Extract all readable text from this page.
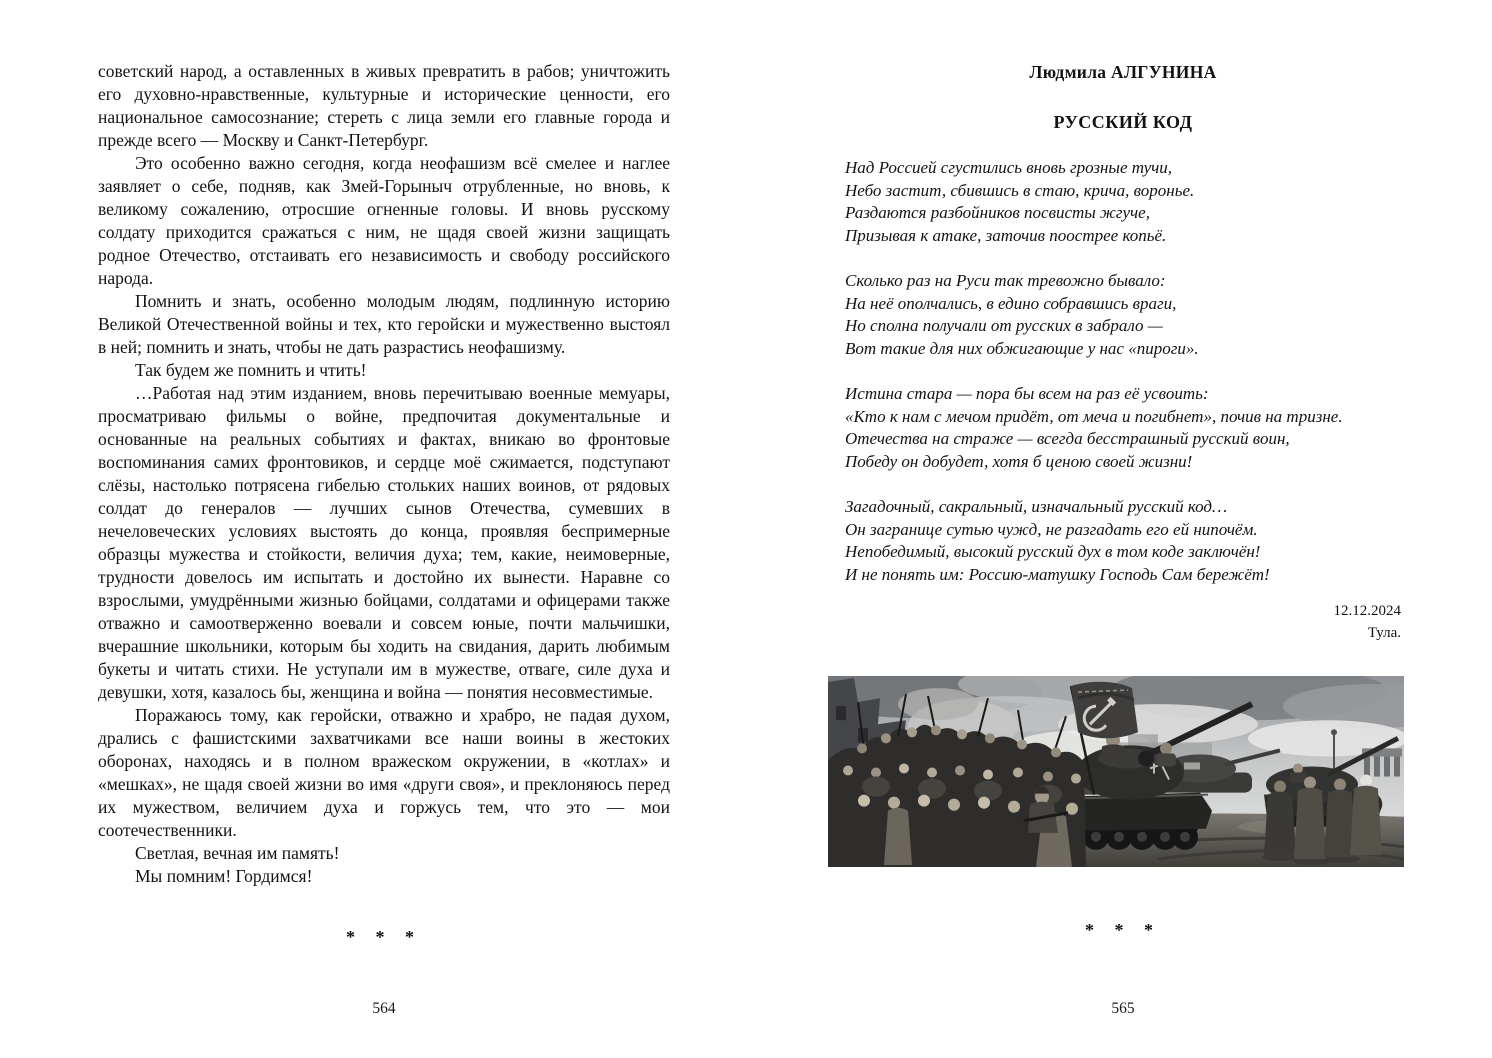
советский народ, а оставленных в живых превратить в рабов; уничтожить его духовно-нравственные, культурные и исторические ценности, его национальное самосознание; стереть с лица земли его главные города и прежде всего — Москву и Санкт-Петербург.

Это особенно важно сегодня, когда неофашизм всё смелее и наглее заявляет о себе, подняв, как Змей-Горыныч отрубленные, но вновь, к великому сожалению, отросшие огненные головы. И вновь русскому солдату приходится сражаться с ним, не щадя своей жизни защищать родное Отечество, отстаивать его независимость и свободу российского народа.

Помнить и знать, особенно молодым людям, подлинную историю Великой Отечественной войны и тех, кто геройски и мужественно выстоял в ней; помнить и знать, чтобы не дать разрастись неофашизму.

Так будем же помнить и чтить!

…Работая над этим изданием, вновь перечитываю военные мемуары, просматриваю фильмы о войне, предпочитая документальные и основанные на реальных событиях и фактах, вникаю во фронтовые воспоминания самих фронтовиков, и сердце моё сжимается, подступают слёзы, настолько потрясена гибелью стольких наших воинов, от рядовых солдат до генералов — лучших сынов Отечества, сумевших в нечеловеческих условиях выстоять до конца, проявляя беспримерные образцы мужества и стойкости, величия духа; тем, какие, неимоверные, трудности довелось им испытать и достойно их вынести. Наравне со взрослыми, умудрёнными жизнью бойцами, солдатами и офицерами также отважно и самоотверженно воевали и совсем юные, почти мальчишки, вчерашние школьники, которым бы ходить на свидания, дарить любимым букеты и читать стихи. Не уступали им в мужестве, отваге, силе духа и девушки, хотя, казалось бы, женщина и война — понятия несовместимые.

Поражаюсь тому, как геройски, отважно и храбро, не падая духом, дрались с фашистскими захватчиками все наши воины в жестоких оборонах, находясь и в полном вражеском окружении, в «котлах» и «мешках», не щадя своей жизни во имя «други своя», и преклоняюсь перед их мужеством, величием духа и горжусь тем, что это — мои соотечественники.

Светлая, вечная им память!

Мы помним! Гордимся!

* * *
564
Людмила АЛГУНИНА
РУССКИЙ КОД
Над Россией сгустились вновь грозные тучи,
Небо застит, сбившись в стаю, крича, воронье.
Раздаются разбойников посвисты жгуче,
Призывая к атаке, заточив поострее копьё.
Сколько раз на Руси так тревожно бывало:
На неё ополчались, в едино собравшись враги,
Но сполна получали от русских в забрало —
Вот такие для них обжигающие у нас «пироги».
Истина стара — пора бы всем на раз её усвоить:
«Кто к нам с мечом придёт, от меча и погибнет», почив на тризне.
Отечества на страже — всегда бесстрашный русский воин,
Победу он добудет, хотя б ценою своей жизни!
Загадочный, сакральный, изначальный русский код…
Он загранице сутью чужд, не разгадать его ей нипочём.
Непобедимый, высокий русский дух в том коде заключён!
И не понять им: Россию-матушку Господь Сам бережёт!
12.12.2024
Тула.
* * *
565
